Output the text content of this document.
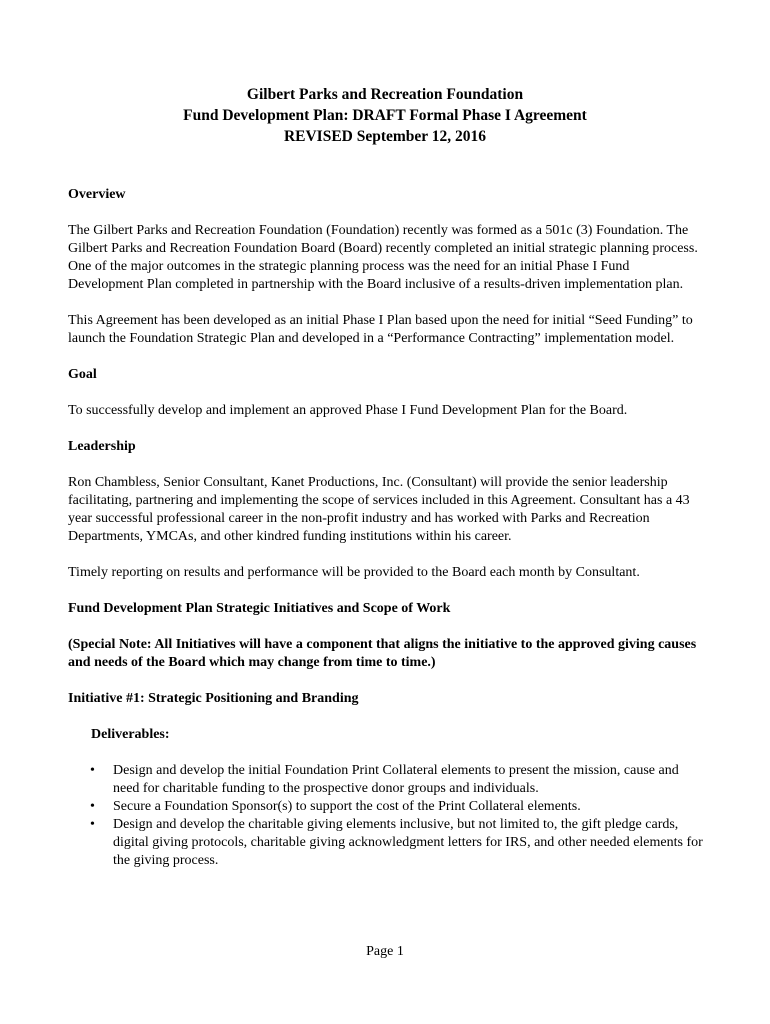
Gilbert Parks and Recreation Foundation
Fund Development Plan: DRAFT Formal Phase I Agreement
REVISED September 12, 2016
Overview

The Gilbert Parks and Recreation Foundation (Foundation) recently was formed as a 501c (3) Foundation. The Gilbert Parks and Recreation Foundation Board (Board) recently completed an initial strategic planning process. One of the major outcomes in the strategic planning process was the need for an initial Phase I Fund Development Plan completed in partnership with the Board inclusive of a results-driven implementation plan.

This Agreement has been developed as an initial Phase I Plan based upon the need for initial “Seed Funding” to launch the Foundation Strategic Plan and developed in a “Performance Contracting” implementation model.

Goal

To successfully develop and implement an approved Phase I Fund Development Plan for the Board.

Leadership

Ron Chambless, Senior Consultant, Kanet Productions, Inc. (Consultant) will provide the senior leadership facilitating, partnering and implementing the scope of services included in this Agreement. Consultant has a 43 year successful professional career in the non-profit industry and has worked with Parks and Recreation Departments, YMCAs, and other kindred funding institutions within his career.

Timely reporting on results and performance will be provided to the Board each month by Consultant.

Fund Development Plan Strategic Initiatives and Scope of Work
(Special Note: All Initiatives will have a component that aligns the initiative to the approved giving causes and needs of the Board which may change from time to time.)
Initiative #1: Strategic Positioning and Branding
Deliverables:
• Design and develop the initial Foundation Print Collateral elements to present the mission, cause and need for charitable funding to the prospective donor groups and individuals.
• Secure a Foundation Sponsor(s) to support the cost of the Print Collateral elements.
• Design and develop the charitable giving elements inclusive, but not limited to, the gift pledge cards, digital giving protocols, charitable giving acknowledgment letters for IRS, and other needed elements for the giving process.
Page 1
